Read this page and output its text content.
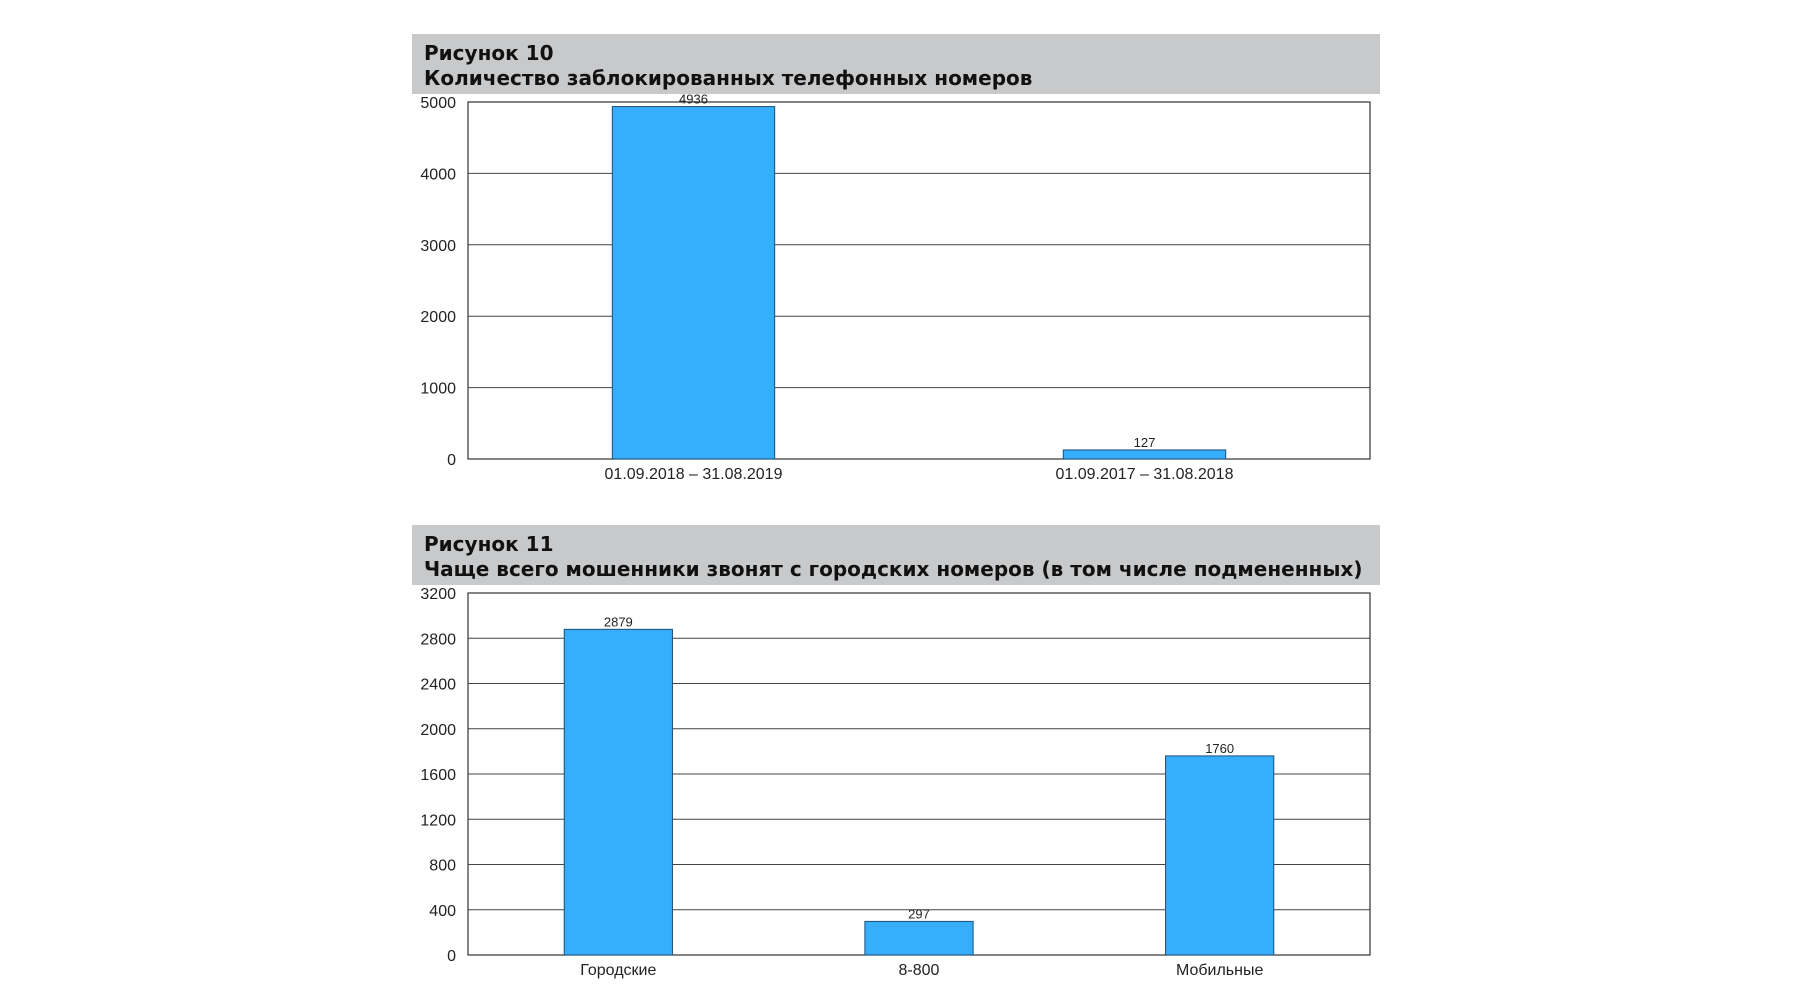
Рисунок 10
Количество заблокированных телефонных номеров
0
1000
2000
3000
4000
5000	4936
01.09.2018 – 31.08.2019
127
01.09.2017 – 31.08.2018
Рисунок 11
Чаще всего мошенники звонят с городских номеров (в том числе подмененных)
0
400
800
1200
1600
2000
2400
2800
3200
2879
Городские
297
8-800
1760
Мобильные
